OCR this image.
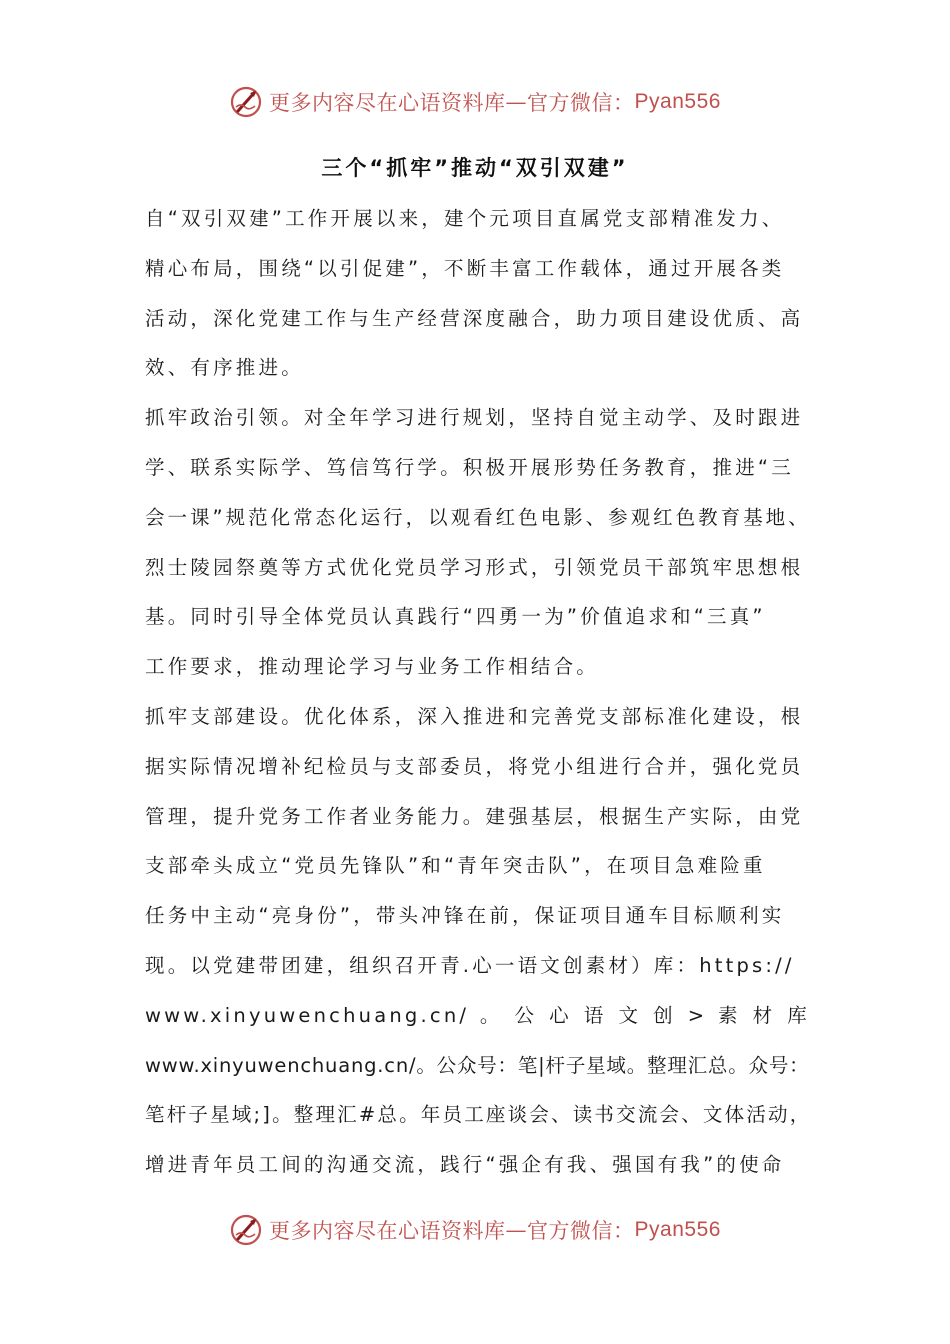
更多内容尽在心语资料库 — 官方微信： Pyan556
三个“抓牢”推动“双引双建”
自“双引双建”工作开展以来，建个元项目直属党支部精准发力、
精心布局，围绕“以引促建”，不断丰富工作载体，通过开展各类
活动，深化党建工作与生产经营深度融合，助力项目建设优质、高
效、有序推进。
抓牢政治引领。对全年学习进行规划，坚持自觉主动学、及时跟进
学、联系实际学、笃信笃行学。积极开展形势任务教育，推进“三
会一课”规范化常态化运行，以观看红色电影、参观红色教育基地、
烈士陵园祭奠等方式优化党员学习形式，引领党员干部筑牢思想根
基。同时引导全体党员认真践行“四勇一为”价值追求和“三真”
工作要求，推动理论学习与业务工作相结合。
抓牢支部建设。优化体系，深入推进和完善党支部标准化建设，根
据实际情况增补纪检员与支部委员，将党小组进行合并，强化党员
管理，提升党务工作者业务能力。建强基层，根据生产实际，由党
支部牵头成立“党员先锋队”和“青年突击队”，在项目急难险重
任务中主动“亮身份”，带头冲锋在前，保证项目通车目标顺利实
现。以党建带团建，组织召开青.心一语文创素材）库：https://
www.xinyuwenchuang.cn/ 。 公 心 语 文 创 > 素 材 库
www.xinyuwenchuang.cn/。公众号：笔|杆子星域。整理汇总。众号：
笔杆子星域;]。整理汇#总。年员工座谈会、读书交流会、文体活动，
增进青年员工间的沟通交流，践行“强企有我、强国有我”的使命
更多内容尽在心语资料库 — 官方微信： Pyan556
